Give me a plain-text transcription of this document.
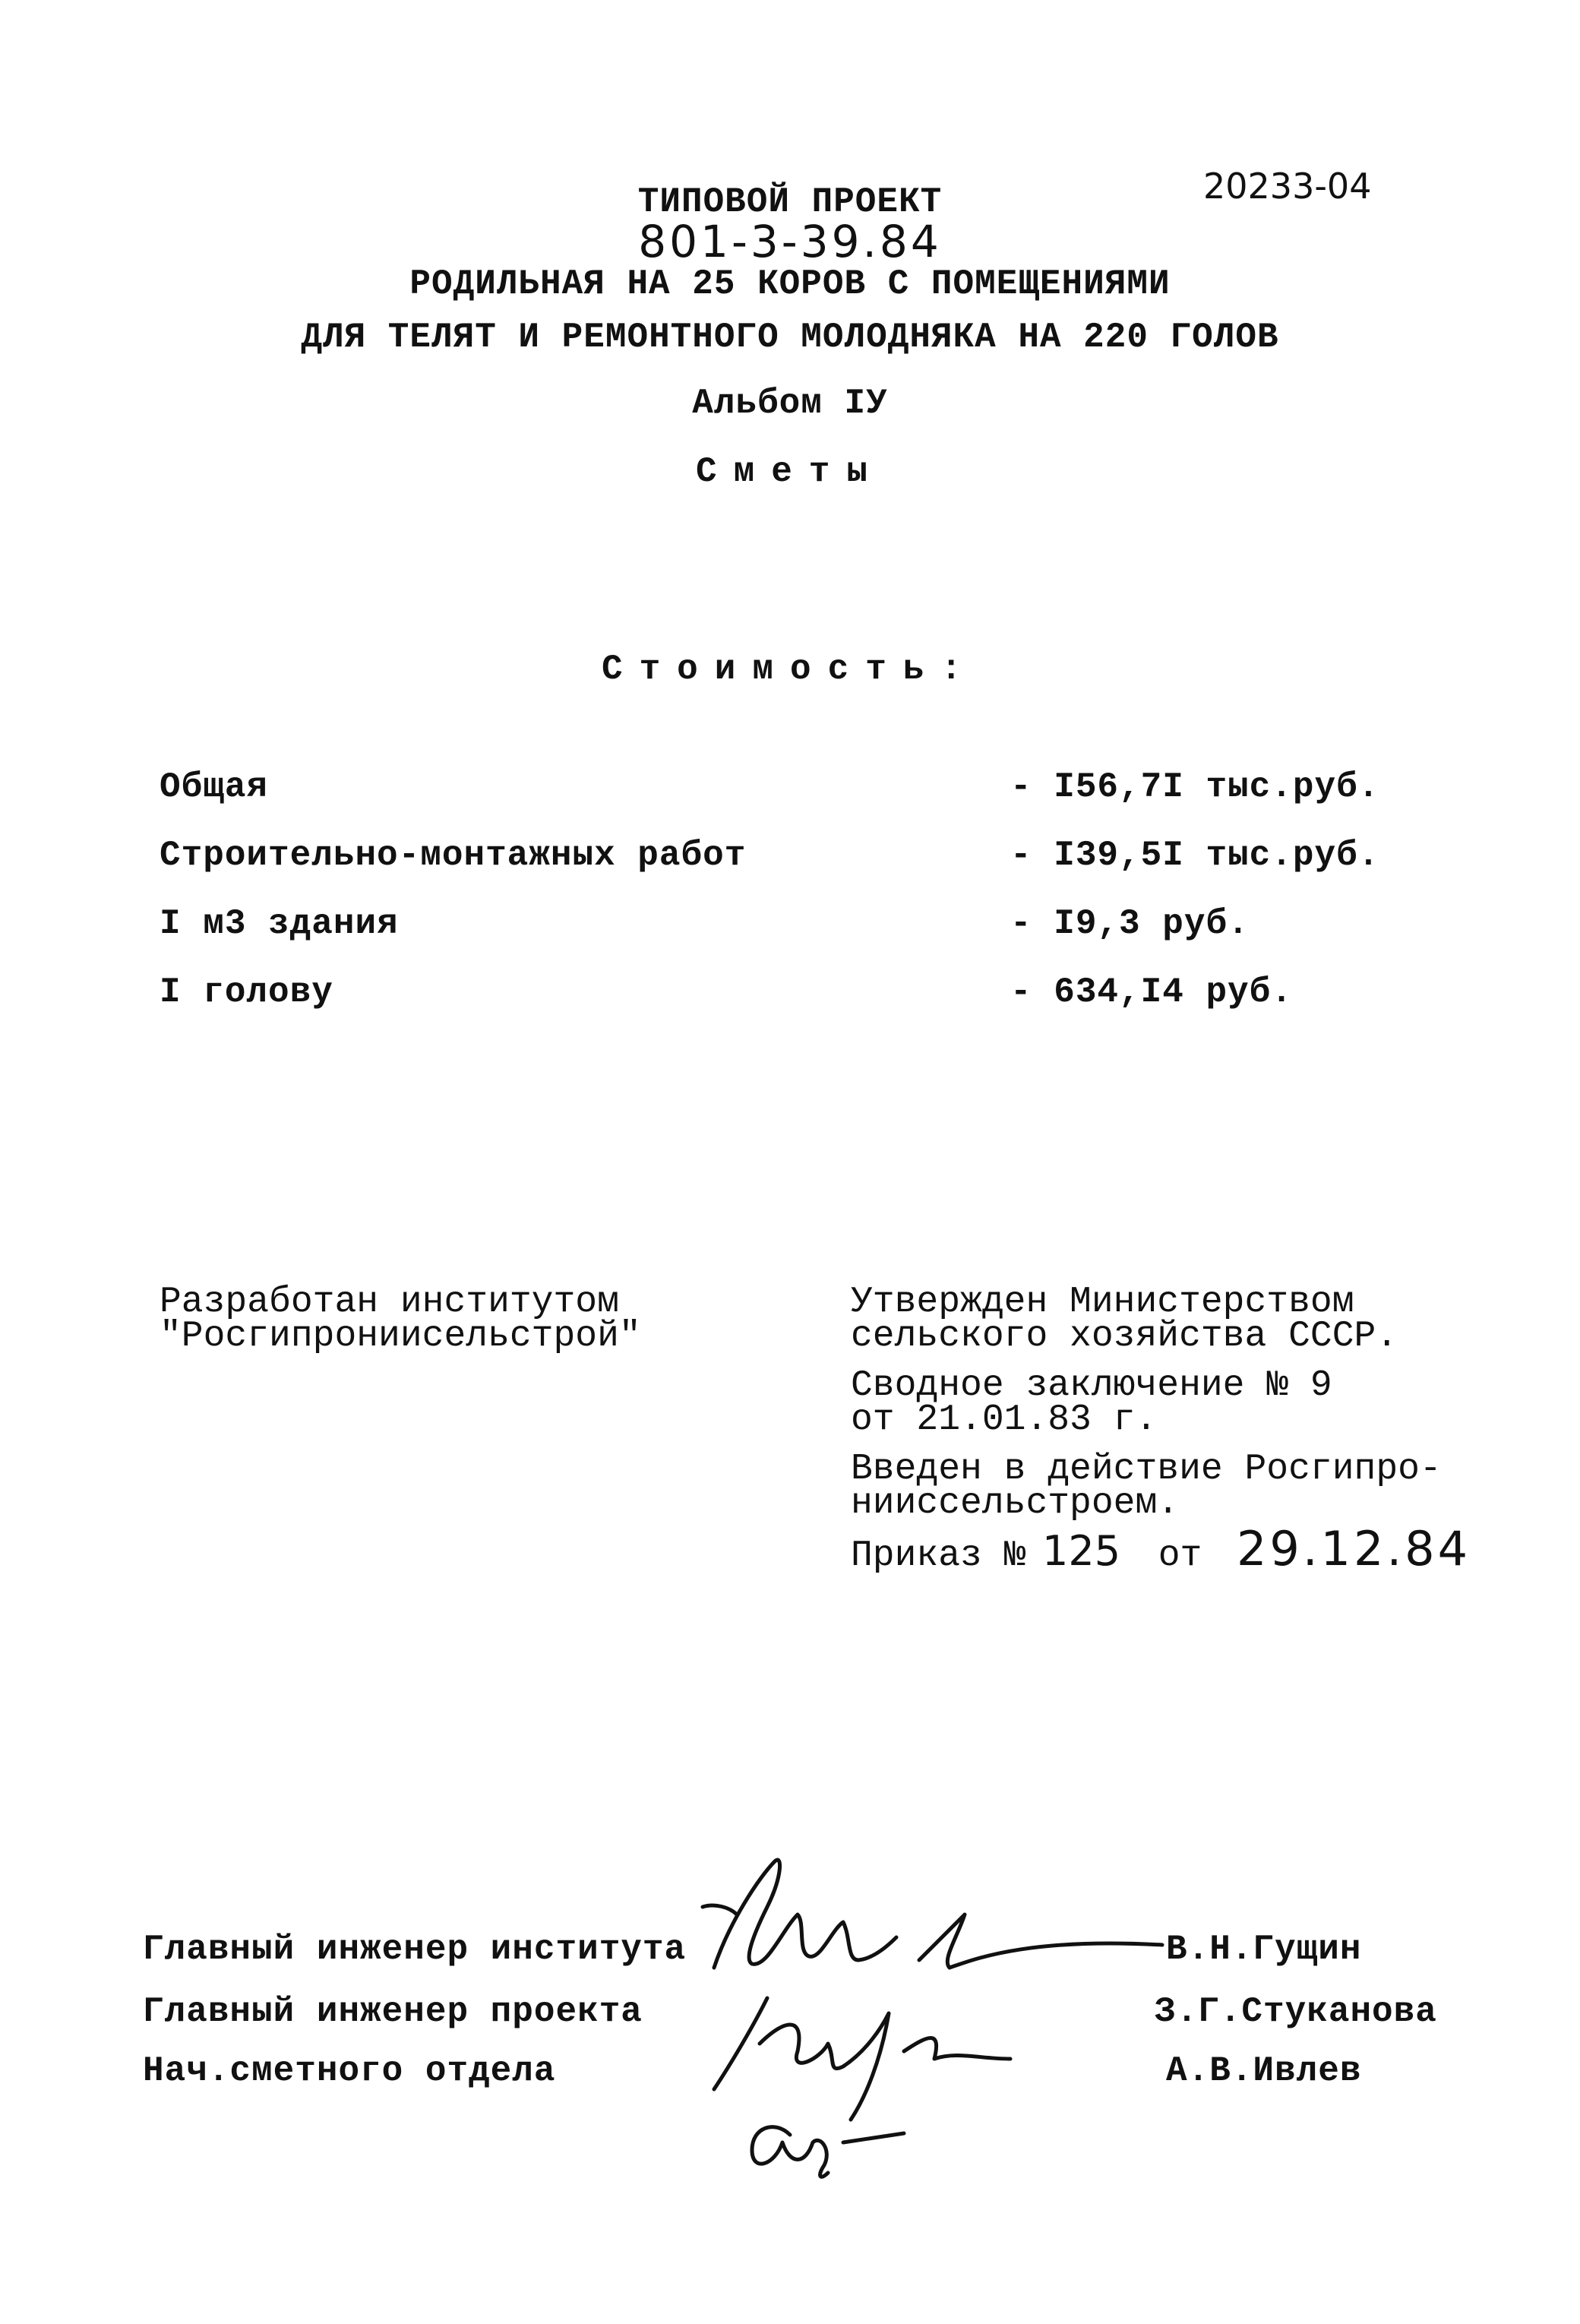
20233-04
ТИПОВОЙ ПРОЕКТ
801-3-39.84
РОДИЛЬНАЯ НА 25 КОРОВ С ПОМЕЩЕНИЯМИ
ДЛЯ ТЕЛЯТ И РЕМОНТНОГО МОЛОДНЯКА НА 220 ГОЛОВ
Альбом IУ
Сметы
Стоимость:
Общая	- I56,7I тыс.руб.
Строительно-монтажных работ	- I39,5I тыс.руб.
I м3 здания	- I9,3 руб.
I голову	- 634,I4 руб.
Разработан институтом
"Росгипрониисельстрой"
Утвержден Министерством
сельского хозяйства СССР.
Сводное заключение № 9
от 21.01.83 г.
Введен в действие Росгипро-
нииссельстроем.
Приказ № 125 от 29.12.84
Главный инженер института	В.Н.Гущин
Главный инженер проекта	З.Г.Стуканова
Нач.сметного отдела	А.В.Ивлев
